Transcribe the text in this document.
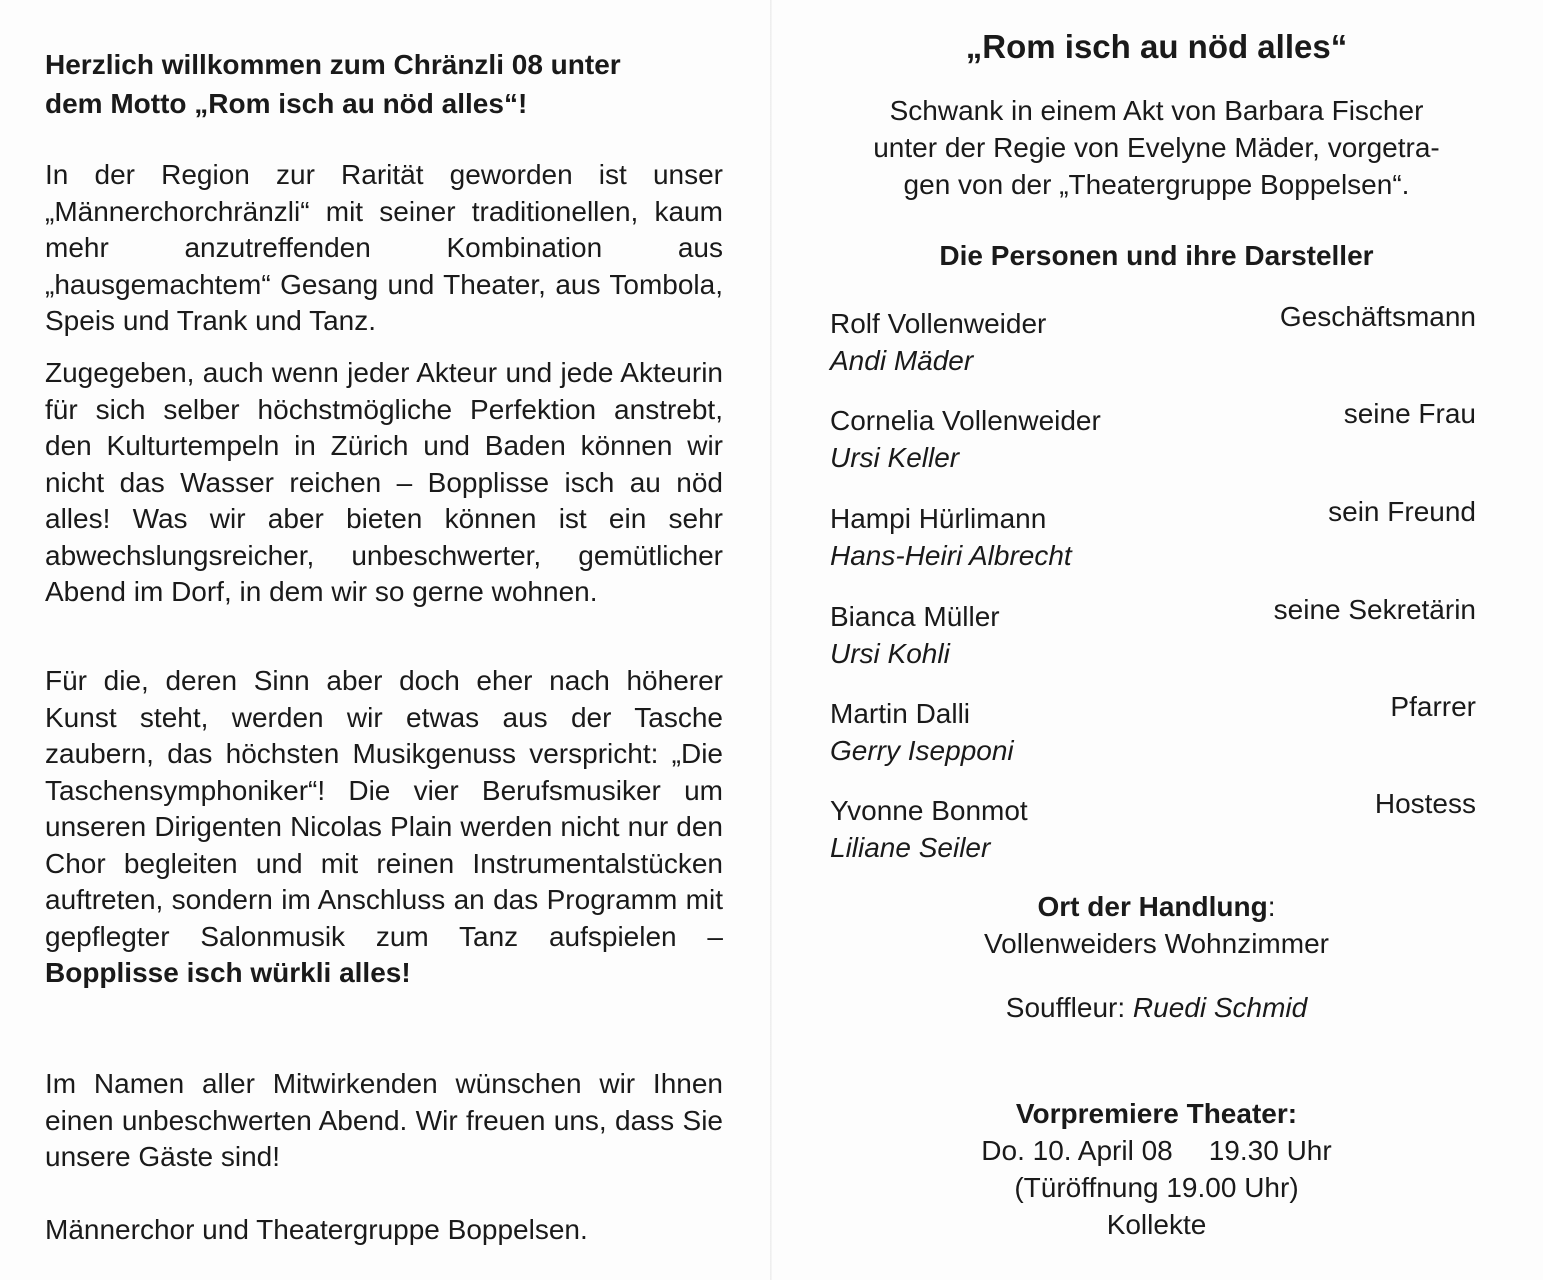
Herzlich willkommen zum Chränzli 08 unter
dem Motto „Rom isch au nöd alles“!

In der Region zur Rarität geworden ist unser „Männerchorchränzli“ mit seiner traditionellen, kaum mehr anzutreffenden Kombination aus „hausgemachtem“ Gesang und Theater, aus Tombola, Speis und Trank und Tanz.

Zugegeben, auch wenn jeder Akteur und jede Akteurin für sich selber höchstmögliche Perfektion anstrebt, den Kulturtempeln in Zürich und Baden können wir nicht das Wasser reichen – Bopplisse isch au nöd alles! Was wir aber bieten können ist ein sehr abwechslungsreicher, unbeschwerter, gemütlicher Abend im Dorf, in dem wir so gerne wohnen.

Für die, deren Sinn aber doch eher nach höherer Kunst steht, werden wir etwas aus der Tasche zaubern, das höchsten Musikgenuss verspricht: „Die Taschensymphoniker“! Die vier Berufsmusiker um unseren Dirigenten Nicolas Plain werden nicht nur den Chor begleiten und mit reinen Instrumentalstücken auftreten, sondern im Anschluss an das Programm mit gepflegter Salonmusik zum Tanz aufspielen – Bopplisse isch würkli alles!

Im Namen aller Mitwirkenden wünschen wir Ihnen einen unbeschwerten Abend. Wir freuen uns, dass Sie unsere Gäste sind!

Männerchor und Theatergruppe Boppelsen.
„Rom isch au nöd alles“
Schwank in einem Akt von Barbara Fischer
unter der Regie von Evelyne Mäder, vorgetra-
gen von der „Theatergruppe Boppelsen“.
Die Personen und ihre Darsteller
Rolf Vollenweider
Andi Mäder
Geschäftsmann
Cornelia Vollenweider
Ursi Keller
seine Frau
Hampi Hürlimann
Hans-Heiri Albrecht
sein Freund
Bianca Müller
Ursi Kohli
seine Sekretärin
Martin Dalli
Gerry Isepponi
Pfarrer
Yvonne Bonmot
Liliane Seiler
Hostess
Ort der Handlung:
Vollenweiders Wohnzimmer
Souffleur: Ruedi Schmid
Vorpremiere Theater:
Do. 10. April 08 19.30 Uhr
(Türöffnung 19.00 Uhr)
Kollekte
